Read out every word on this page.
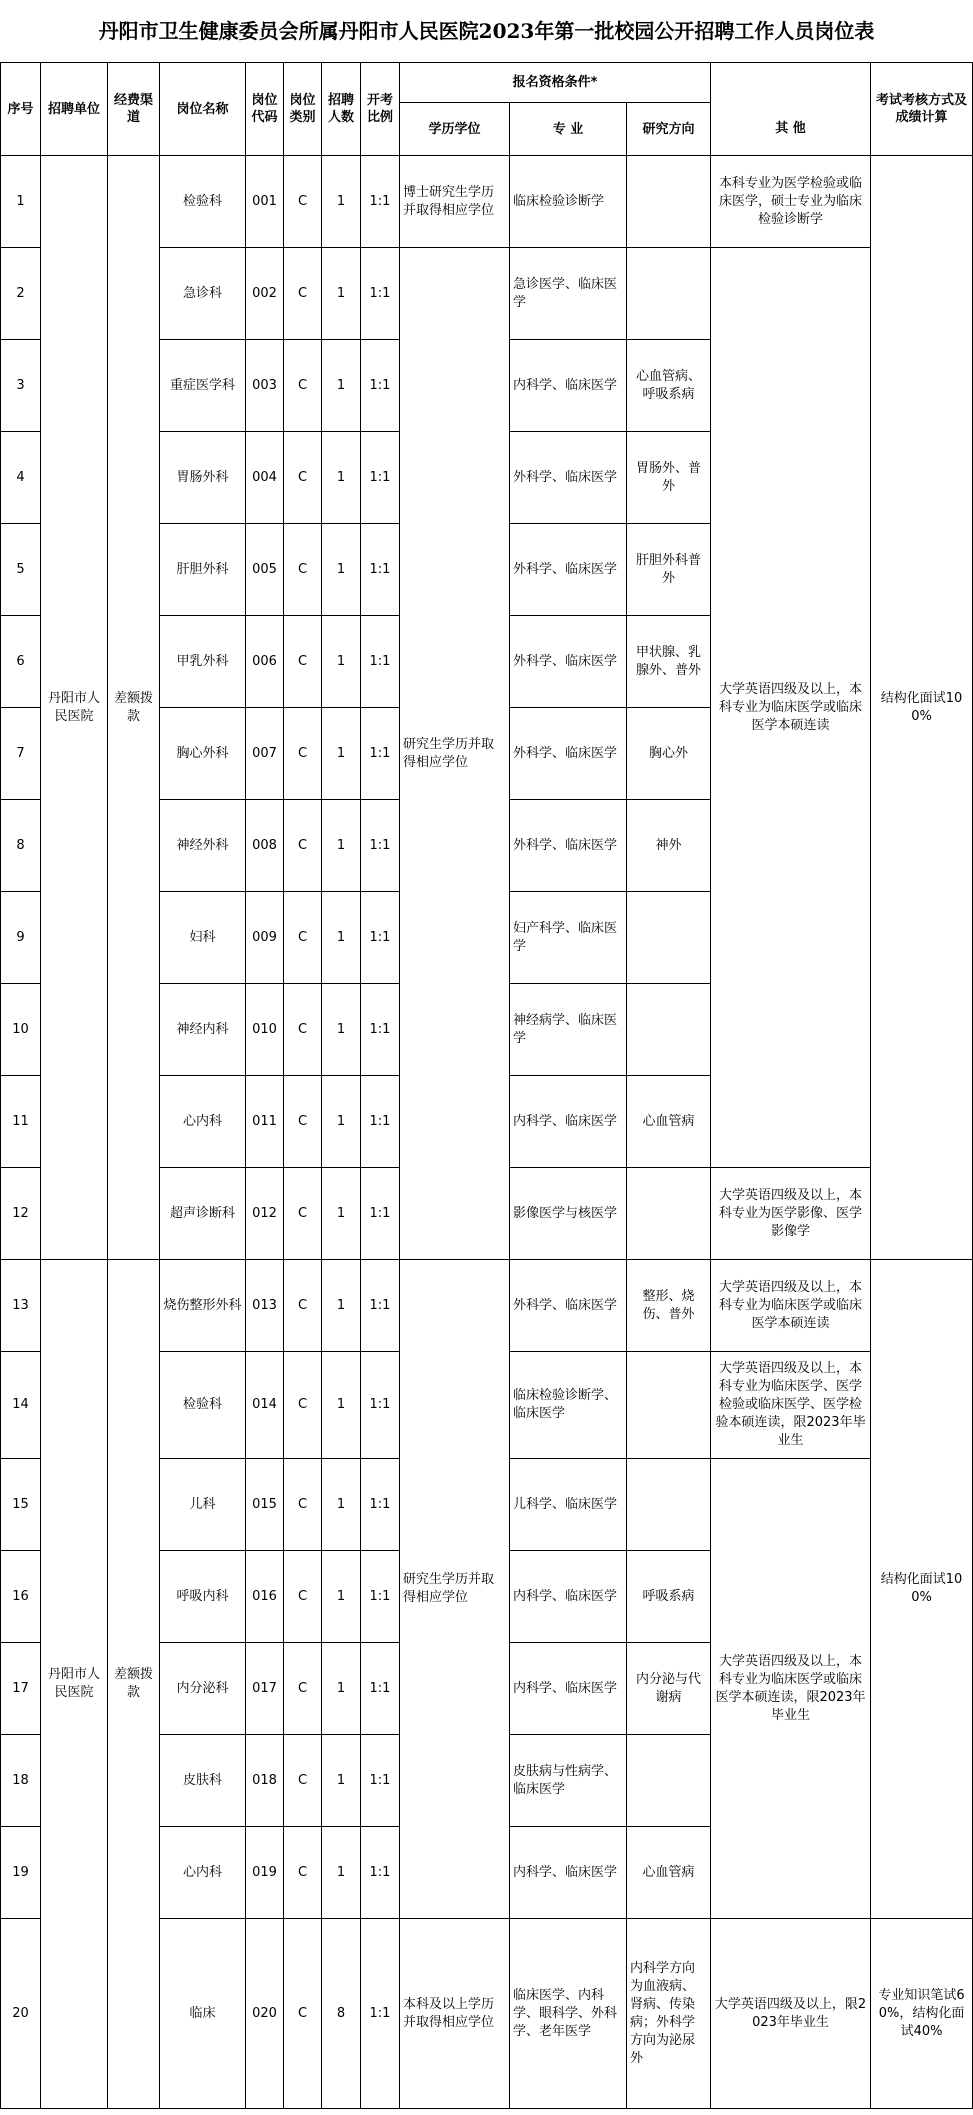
丹阳市卫生健康委员会所属丹阳市人民医院2023年第一批校园公开招聘工作人员岗位表
序号	招聘单位	经费渠道	岗位名称	岗位代码	岗位类别	招聘人数	开考比例	报名资格条件*				考试考核方式及成绩计算
								学历学位	专 业	研究方向	其 他	
1	丹阳市人民医院	差额拨款	检验科	001	C	1	1:1	博士研究生学历并取得相应学位	临床检验诊断学		本科专业为医学检验或临床医学，硕士专业为临床检验诊断学	结构化面试100%
2			急诊科	002	C	1	1:1	研究生学历并取得相应学位	急诊医学、临床医学		大学英语四级及以上，本科专业为临床医学或临床医学本硕连读	
3			重症医学科	003	C	1	1:1		内科学、临床医学	心血管病、呼吸系病		
4			胃肠外科	004	C	1	1:1		外科学、临床医学	胃肠外、普外		
5			肝胆外科	005	C	1	1:1		外科学、临床医学	肝胆外科普外		
6			甲乳外科	006	C	1	1:1		外科学、临床医学	甲状腺、乳腺外、普外		
7			胸心外科	007	C	1	1:1		外科学、临床医学	胸心外		
8			神经外科	008	C	1	1:1		外科学、临床医学	神外		
9			妇科	009	C	1	1:1		妇产科学、临床医学			
10			神经内科	010	C	1	1:1		神经病学、临床医学			
11			心内科	011	C	1	1:1		内科学、临床医学	心血管病		
12			超声诊断科	012	C	1	1:1		影像医学与核医学		大学英语四级及以上，本科专业为医学影像、医学影像学	
13	丹阳市人民医院	差额拨款	烧伤整形外科	013	C	1	1:1	研究生学历并取得相应学位	外科学、临床医学	整形、烧伤、普外	大学英语四级及以上，本科专业为临床医学或临床医学本硕连读	结构化面试100%
14			检验科	014	C	1	1:1		临床检验诊断学、临床医学		大学英语四级及以上，本科专业为临床医学、医学检验或临床医学、医学检验本硕连读，限2023年毕业生	
15			儿科	015	C	1	1:1		儿科学、临床医学		大学英语四级及以上，本科专业为临床医学或临床医学本硕连读，限2023年毕业生	
16			呼吸内科	016	C	1	1:1		内科学、临床医学	呼吸系病		
17			内分泌科	017	C	1	1:1		内科学、临床医学	内分泌与代谢病		
18			皮肤科	018	C	1	1:1		皮肤病与性病学、临床医学			
19			心内科	019	C	1	1:1		内科学、临床医学	心血管病		
20			临床	020	C	8	1:1	本科及以上学历并取得相应学位	临床医学、内科学、眼科学、外科学、老年医学	内科学方向为血液病、肾病、传染病；外科学方向为泌尿外	大学英语四级及以上，限2023年毕业生	专业知识笔试60%，结构化面试40%
